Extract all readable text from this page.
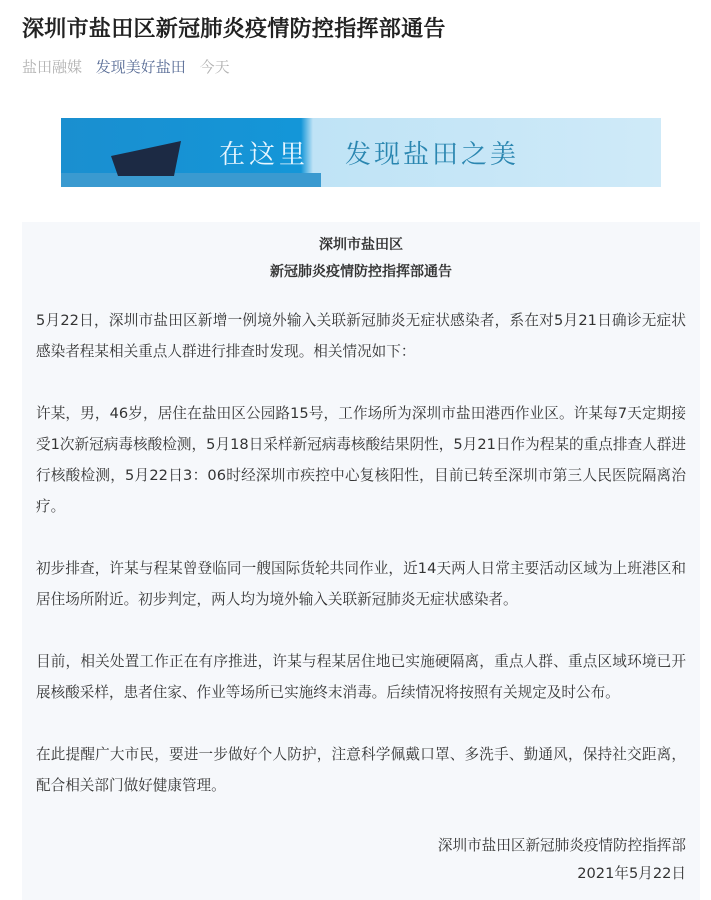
深圳市盐田区新冠肺炎疫情防控指挥部通告
盐田融媒 发现美好盐田 今天
在这里 发现盐田之美
深圳市盐田区
新冠肺炎疫情防控指挥部通告

5月22日，深圳市盐田区新增一例境外输入关联新冠肺炎无症状感染者，系在对5月21日确诊无症状感染者程某相关重点人群进行排查时发现。相关情况如下：

许某，男，46岁，居住在盐田区公园路15号，工作场所为深圳市盐田港西作业区。许某每7天定期接受1次新冠病毒核酸检测，5月18日采样新冠病毒核酸结果阴性，5月21日作为程某的重点排查人群进行核酸检测，5月22日3：06时经深圳市疾控中心复核阳性，目前已转至深圳市第三人民医院隔离治疗。

初步排查，许某与程某曾登临同一艘国际货轮共同作业，近14天两人日常主要活动区域为上班港区和居住场所附近。初步判定，两人均为境外输入关联新冠肺炎无症状感染者。

目前，相关处置工作正在有序推进，许某与程某居住地已实施硬隔离，重点人群、重点区域环境已开展核酸采样，患者住家、作业等场所已实施终末消毒。后续情况将按照有关规定及时公布。

在此提醒广大市民，要进一步做好个人防护，注意科学佩戴口罩、多洗手、勤通风，保持社交距离，配合相关部门做好健康管理。

深圳市盐田区新冠肺炎疫情防控指挥部
2021年5月22日
